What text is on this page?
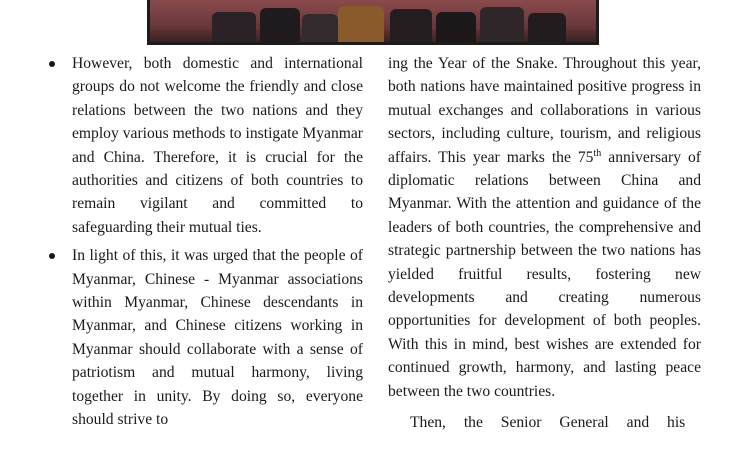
However, both domestic and international groups do not welcome the friendly and close relations between the two nations and they employ various methods to instigate Myanmar and China. Therefore, it is crucial for the authorities and citizens of both countries to remain vigilant and committed to safeguarding their mutual ties.
In light of this, it was urged that the people of Myanmar, Chinese - Myanmar associations within Myanmar, Chinese descendants in Myanmar, and Chinese citizens working in Myanmar should collaborate with a sense of patriotism and mutual harmony, living together in unity. By doing so, everyone should strive to

ing the Year of the Snake. Throughout this year, both nations have maintained positive progress in mutual exchanges and collaborations in various sectors, including culture, tourism, and religious affairs. This year marks the 75th anniversary of diplomatic relations between China and Myanmar. With the attention and guidance of the leaders of both countries, the comprehensive and strategic partnership between the two nations has yielded fruitful results, fostering new developments and creating numerous opportunities for development of both peoples. With this in mind, best wishes are extended for continued growth, harmony, and lasting peace between the two countries.

Then, the Senior General and his
